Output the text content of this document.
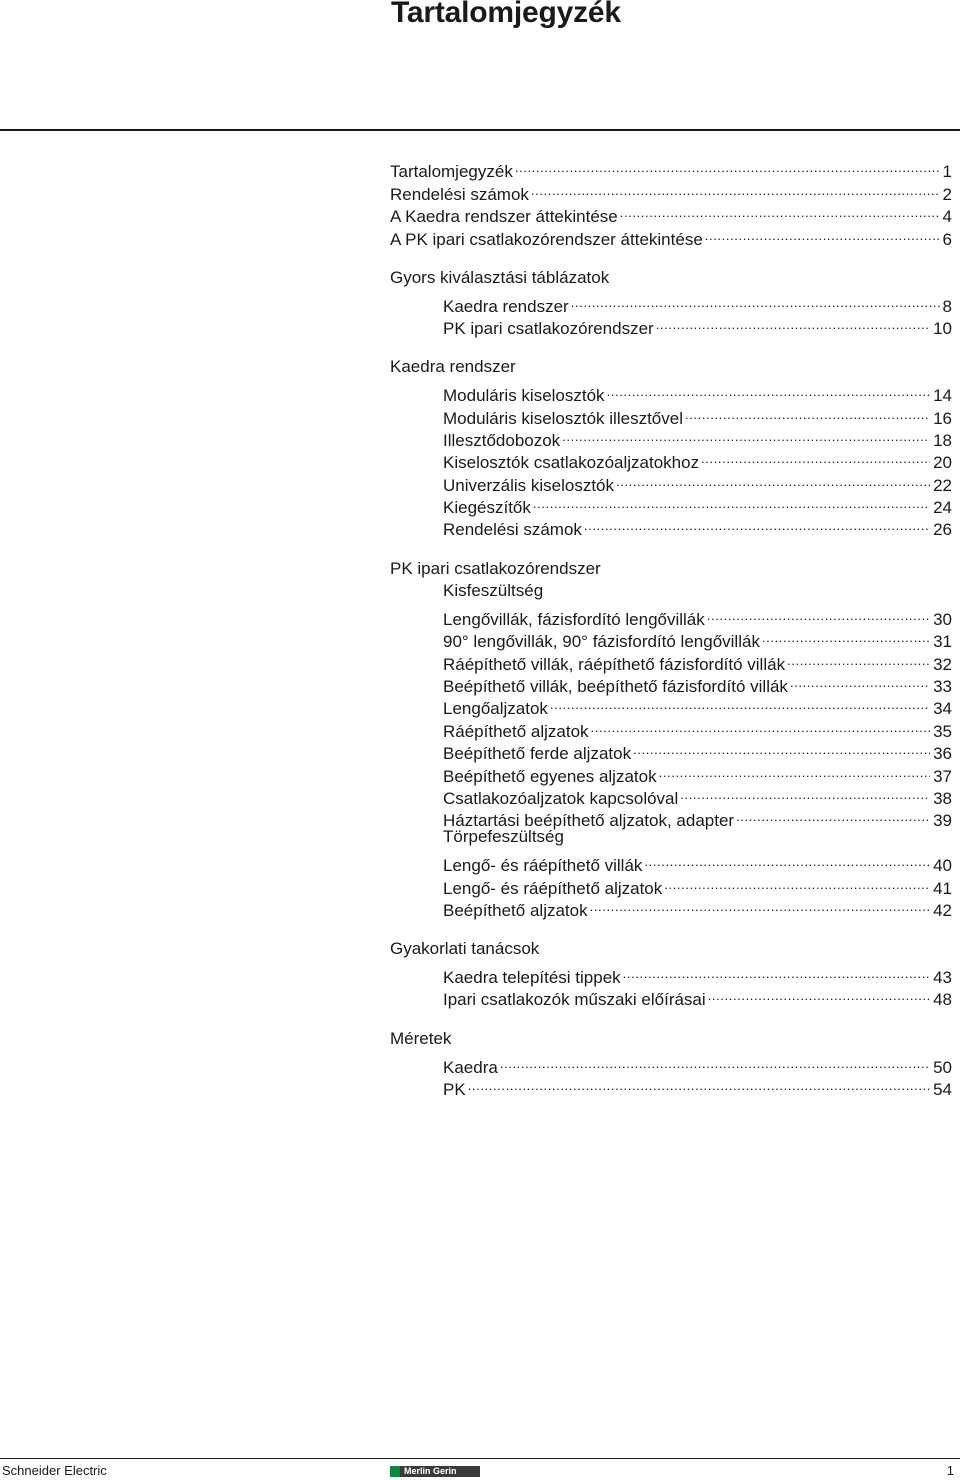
Tartalomjegyzék
Tartalomjegyzék .....	1
Rendelési számok .....	2
A Kaedra rendszer áttekintése .....	4
A PK ipari csatlakozórendszer áttekintése .....	6
Gyors kiválasztási táblázatok
Kaedra rendszer .....	8
PK ipari csatlakozórendszer .....	10
Kaedra rendszer
Moduláris kiselosztók .....	14
Moduláris kiselosztók illesztővel .....	16
Illesztődobozok .....	18
Kiselosztók csatlakozóaljzatokhoz .....	20
Univerzális kiselosztók .....	22
Kiegészítők .....	24
Rendelési számok .....	26
PK ipari csatlakozórendszer
Kisfeszültség
Lengővillák, fázisfordító lengővillák .....	30
90° lengővillák, 90° fázisfordító lengővillák .....	31
Ráépíthető villák, ráépíthető fázisfordító villák .....	32
Beépíthető villák, beépíthető fázisfordító villák .....	33
Lengőaljzatok .....	34
Ráépíthető aljzatok .....	35
Beépíthető ferde aljzatok .....	36
Beépíthető egyenes aljzatok .....	37
Csatlakozóaljzatok kapcsolóval .....	38
Háztartási beépíthető aljzatok, adapter .....	39
Törpefeszültség
Lengő- és ráépíthető villák .....	40
Lengő- és ráépíthető aljzatok .....	41
Beépíthető aljzatok .....	42
Gyakorlati tanácsok
Kaedra telepítési tippek .....	43
Ipari csatlakozók műszaki előírásai .....	48
Méretek
Kaedra .....	50
PK .....	54
Schneider Electric	Merlin Gerin	1
